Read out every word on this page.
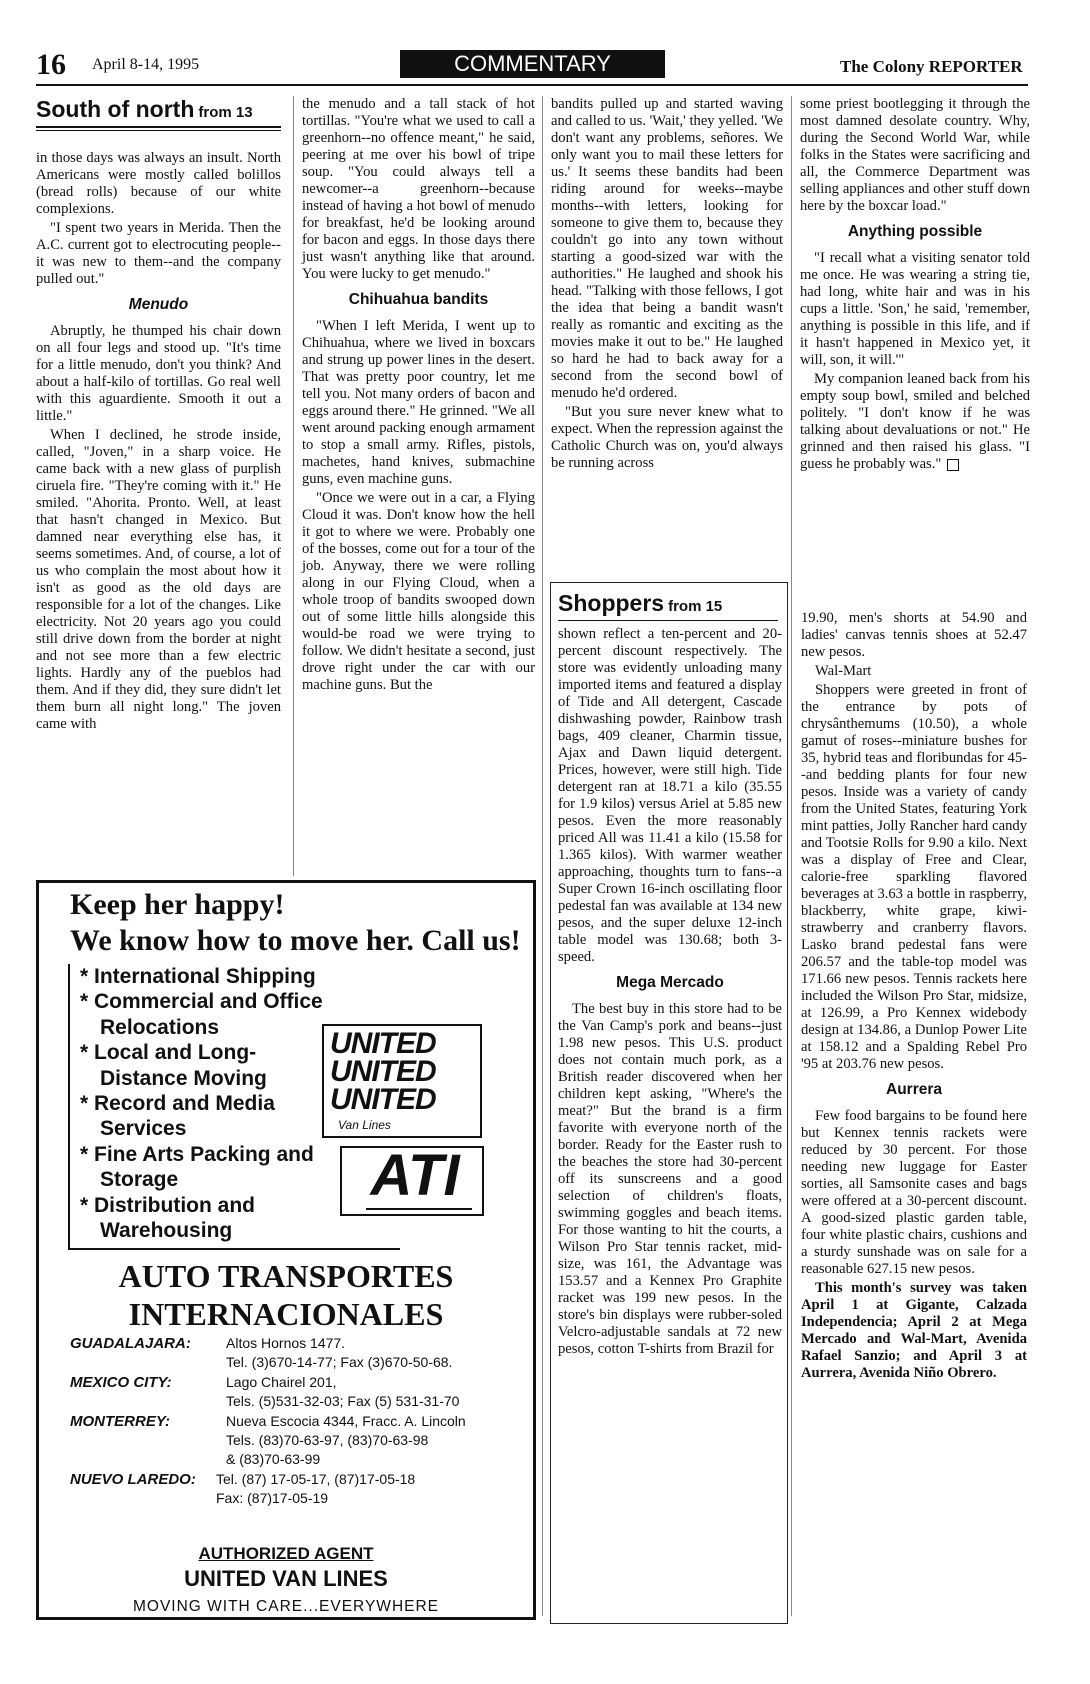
16 April 8-14, 1995	COMMENTARY	The Colony REPORTER
South of north from 13

in those days was always an insult. North Americans were mostly called bolillos (bread rolls) because of our white complexions.

"I spent two years in Merida. Then the A.C. current got to electrocuting people--it was new to them--and the company pulled out."

Menudo

Abruptly, he thumped his chair down on all four legs and stood up. "It's time for a little menudo, don't you think? And about a half-kilo of tortillas. Go real well with this aguardiente. Smooth it out a little."

When I declined, he strode inside, called, "Joven," in a sharp voice. He came back with a new glass of purplish ciruela fire. "They're coming with it." He smiled. "Ahorita. Pronto. Well, at least that hasn't changed in Mexico. But damned near everything else has, it seems sometimes. And, of course, a lot of us who complain the most about how it isn't as good as the old days are responsible for a lot of the changes. Like electricity. Not 20 years ago you could still drive down from the border at night and not see more than a few electric lights. Hardly any of the pueblos had them. And if they did, they sure didn't let them burn all night long." The joven came with

the menudo and a tall stack of hot tortillas. "You're what we used to call a greenhorn--no offence meant," he said, peering at me over his bowl of tripe soup. "You could always tell a newcomer--a greenhorn--because instead of having a hot bowl of menudo for breakfast, he'd be looking around for bacon and eggs. In those days there just wasn't anything like that around. You were lucky to get menudo."

Chihuahua bandits

"When I left Merida, I went up to Chihuahua, where we lived in boxcars and strung up power lines in the desert. That was pretty poor country, let me tell you. Not many orders of bacon and eggs around there." He grinned. "We all went around packing enough armament to stop a small army. Rifles, pistols, machetes, hand knives, submachine guns, even machine guns.

"Once we were out in a car, a Flying Cloud it was. Don't know how the hell it got to where we were. Probably one of the bosses, come out for a tour of the job. Anyway, there we were rolling along in our Flying Cloud, when a whole troop of bandits swooped down out of some little hills alongside this would-be road we were trying to follow. We didn't hesitate a second, just drove right under the car with our machine guns. But the

bandits pulled up and started waving and called to us. 'Wait,' they yelled. 'We don't want any problems, señores. We only want you to mail these letters for us.' It seems these bandits had been riding around for weeks--maybe months--with letters, looking for someone to give them to, because they couldn't go into any town without starting a good-sized war with the authorities." He laughed and shook his head. "Talking with those fellows, I got the idea that being a bandit wasn't really as romantic and exciting as the movies make it out to be." He laughed so hard he had to back away for a second from the second bowl of menudo he'd ordered.

"But you sure never knew what to expect. When the repression against the Catholic Church was on, you'd always be running across

some priest bootlegging it through the most damned desolate country. Why, during the Second World War, while folks in the States were sacrificing and all, the Commerce Department was selling appliances and other stuff down here by the boxcar load."

Anything possible

"I recall what a visiting senator told me once. He was wearing a string tie, had long, white hair and was in his cups a little. 'Son,' he said, 'remember, anything is possible in this life, and if it hasn't happened in Mexico yet, it will, son, it will.'"

My companion leaned back from his empty soup bowl, smiled and belched politely. "I don't know if he was talking about devaluations or not." He grinned and then raised his glass. "I guess he probably was."

Shoppers from 15

shown reflect a ten-percent and 20-percent discount respectively. The store was evidently unloading many imported items and featured a display of Tide and All detergent, Cascade dishwashing powder, Rainbow trash bags, 409 cleaner, Charmin tissue, Ajax and Dawn liquid detergent. Prices, however, were still high. Tide detergent ran at 18.71 a kilo (35.55 for 1.9 kilos) versus Ariel at 5.85 new pesos. Even the more reasonably priced All was 11.41 a kilo (15.58 for 1.365 kilos). With warmer weather approaching, thoughts turn to fans--a Super Crown 16-inch oscillating floor pedestal fan was available at 134 new pesos, and the super deluxe 12-inch table model was 130.68; both 3-speed.

Mega Mercado

The best buy in this store had to be the Van Camp's pork and beans--just 1.98 new pesos. This U.S. product does not contain much pork, as a British reader discovered when her children kept asking, "Where's the meat?" But the brand is a firm favorite with everyone north of the border. Ready for the Easter rush to the beaches the store had 30-percent off its sunscreens and a good selection of children's floats, swimming goggles and beach items. For those wanting to hit the courts, a Wilson Pro Star tennis racket, mid-size, was 161, the Advantage was 153.57 and a Kennex Pro Graphite racket was 199 new pesos. In the store's bin displays were rubber-soled Velcro-adjustable sandals at 72 new pesos, cotton T-shirts from Brazil for

19.90, men's shorts at 54.90 and ladies' canvas tennis shoes at 52.47 new pesos.

Wal-Mart

Shoppers were greeted in front of the entrance by pots of chrysânthemums (10.50), a whole gamut of roses--miniature bushes for 35, hybrid teas and floribundas for 45--and bedding plants for four new pesos. Inside was a variety of candy from the United States, featuring York mint patties, Jolly Rancher hard candy and Tootsie Rolls for 9.90 a kilo. Next was a display of Free and Clear, calorie-free sparkling flavored beverages at 3.63 a bottle in raspberry, blackberry, white grape, kiwi-strawberry and cranberry flavors. Lasko brand pedestal fans were 206.57 and the table-top model was 171.66 new pesos. Tennis rackets here included the Wilson Pro Star, midsize, at 126.99, a Pro Kennex widebody design at 134.86, a Dunlop Power Lite at 158.12 and a Spalding Rebel Pro '95 at 203.76 new pesos.

Aurrera

Few food bargains to be found here but Kennex tennis rackets were reduced by 30 percent. For those needing new luggage for Easter sorties, all Samsonite cases and bags were offered at a 30-percent discount. A good-sized plastic garden table, four white plastic chairs, cushions and a sturdy sunshade was on sale for a reasonable 627.15 new pesos.

This month's survey was taken April 1 at Gigante, Calzada Independencia; April 2 at Mega Mercado and Wal-Mart, Avenida Rafael Sanzio; and April 3 at Aurrera, Avenida Niño Obrero.

Keep her happy!
We know how to move her. Call us!
* International Shipping
* Commercial and Office Relocations
* Local and Long-Distance Moving
* Record and Media Services
* Fine Arts Packing and Storage
* Distribution and Warehousing
UNITED
UNITED
UNITED
Van Lines
ATI
AUTO TRANSPORTES
INTERNACIONALES
GUADALAJARA:	Altos Hornos 1477.
Tel. (3)670-14-77; Fax (3)670-50-68.
MEXICO CITY:	Lago Chairel 201,
Tels. (5)531-32-03; Fax (5) 531-31-70
MONTERREY:	Nueva Escocia 4344, Fracc. A. Lincoln
Tels. (83)70-63-97, (83)70-63-98
& (83)70-63-99
NUEVO LAREDO:	Tel. (87) 17-05-17, (87)17-05-18
Fax: (87)17-05-19
AUTHORIZED AGENT
UNITED VAN LINES
MOVING WITH CARE...EVERYWHERE
